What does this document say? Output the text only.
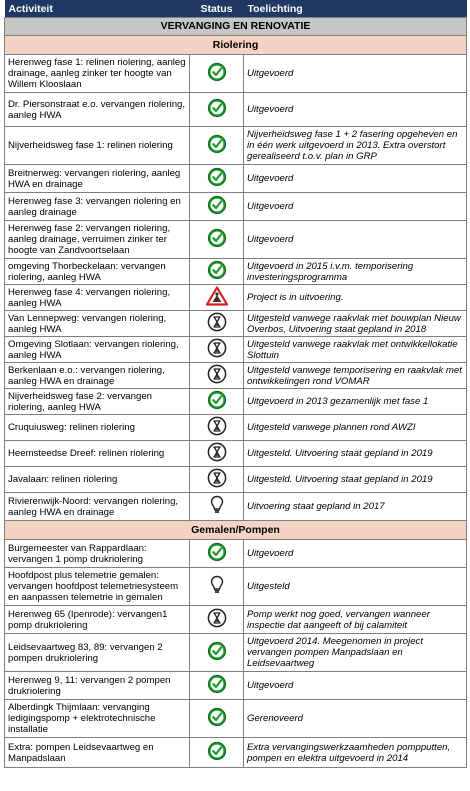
Activiteit	Status	Toelichting
VERVANGING EN RENOVATIE		
Riolering		
Herenweg fase 1: relinen riolering, aanleg drainage, aanleg zinker ter hoogte van Willem Klooslaan		Uitgevoerd
Dr. Piersonstraat e.o. vervangen riolering, aanleg HWA		Uitgevoerd
Nijverheidsweg fase 1: relinen riolering		Nijverheidsweg fase 1 + 2 fasering opgeheven en in één werk uitgevoerd in 2013. Extra overstort gerealiseerd t.o.v. plan in GRP
Breitnerweg: vervangen riolering, aanleg HWA en drainage		Uitgevoerd
Herenweg fase 3: vervangen riolering en aanleg drainage		Uitgevoerd
Herenweg fase 2: vervangen riolering, aanleg drainage, verruimen zinker ter hoogte van Zandvoortselaan		Uitgevoerd
omgeving Thorbeckelaan: vervangen riolering, aanleg HWA		Uitgevoerd in 2015 i.v.m. temporisering investeringsprogramma
Herenweg fase 4: vervangen riolering, aanleg HWA		Project is in uitvoering.
Van Lennepweg: vervangen riolering, aanleg HWA		Uitgesteld vanwege raakvlak met bouwplan Nieuw Overbos, Uitvoering staat gepland in 2018
Omgeving Slotlaan: vervangen riolering, aanleg HWA		Uitgesteld vanwege raakvlak met ontwikkellokatie Slottuin
Berkenlaan e.o.: vervangen riolering, aanleg HWA en drainage		Uitgesteld vanwege temporisering en raakvlak met ontwikkelingen rond VOMAR
Nijverheidsweg fase 2: vervangen riolering, aanleg HWA		Uitgevoerd in 2013 gezamenlijk met fase 1
Cruquiusweg: relinen riolering		Uitgesteld vanwege plannen rond AWZI
Heemsteedse Dreef: relinen riolering		Uitgesteld. Uitvoering staat gepland in 2019
Javalaan: relinen riolering		Uitgesteld. Uitvoering staat gepland in 2019
Rivierenwijk-Noord: vervangen riolering, aanleg HWA en drainage		Uitvoering staat gepland in 2017
Gemalen/Pompen		
Burgemeester van Rappardlaan: vervangen 1 pomp drukriolering		Uitgevoerd
Hoofdpost plus telemetrie gemalen: vervangen hoofdpost telemetriesysteem en aanpassen telemetrie in gemalen		Uitgesteld
Herenweg 65 (Ipenrode): vervangen1 pomp drukriolering		Pomp werkt nog goed, vervangen wanneer inspectie dat aangeeft of bij calamiteit
Leidsevaartweg 83, 89: vervangen 2 pompen drukriolering		Uitgevoerd 2014. Meegenomen in project vervangen pompen Manpadslaan en Leidsevaartweg
Herenweg 9, 11: vervangen 2 pompen drukriolering		Uitgevoerd
Alberdingk Thijmlaan: vervanging ledigingspomp + elektrotechnische installatie		Gerenoveerd
Extra: pompen Leidsevaartweg en Manpadslaan		Extra vervangingswerkzaamheden pompputten, pompen en elektra uitgevoerd in 2014
